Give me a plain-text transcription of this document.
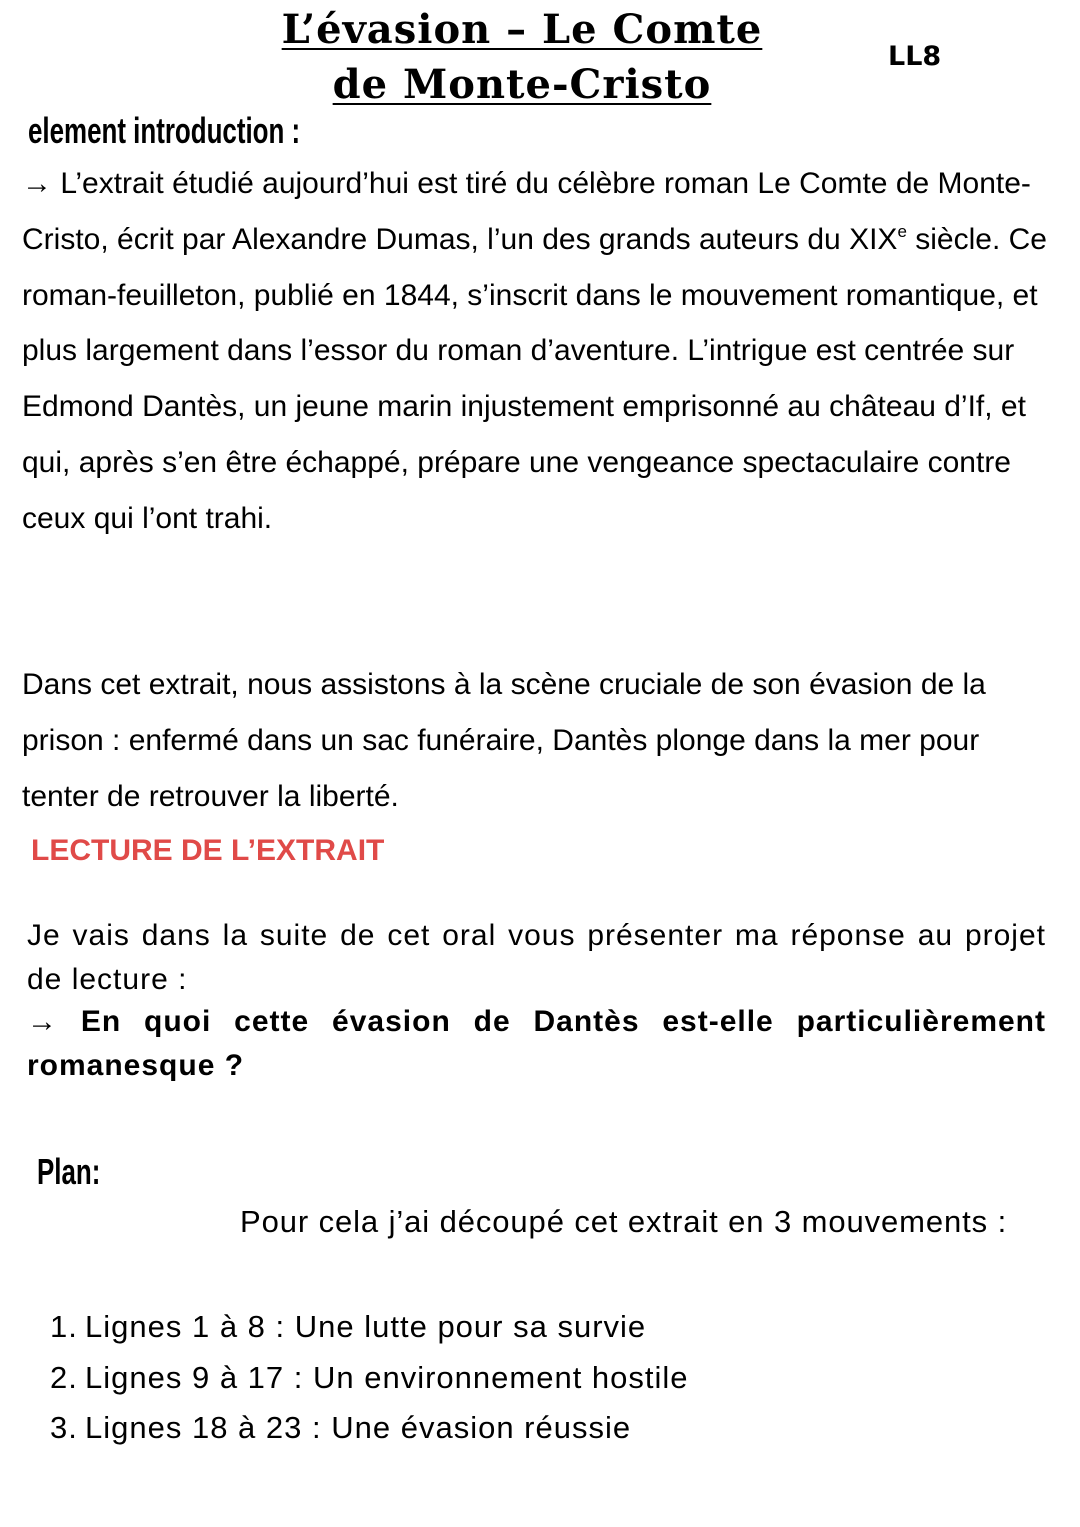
L’évasion – Le Comte
de Monte-Cristo
LL8
element introduction :

→ L’extrait étudié aujourd’hui est tiré du célèbre roman Le Comte de Monte-Cristo, écrit par Alexandre Dumas, l’un des grands auteurs du XIXe siècle. Ce roman-feuilleton, publié en 1844, s’inscrit dans le mouvement romantique, et plus largement dans l’essor du roman d’aventure. L’intrigue est centrée sur Edmond Dantès, un jeune marin injustement emprisonné au château d’If, et qui, après s’en être échappé, prépare une vengeance spectaculaire contre ceux qui l’ont trahi.

Dans cet extrait, nous assistons à la scène cruciale de son évasion de la prison : enfermé dans un sac funéraire, Dantès plonge dans la mer pour tenter de retrouver la liberté.

LECTURE DE L’EXTRAIT

Je vais dans la suite de cet oral vous présenter ma réponse au projet de lecture :

→ En quoi cette évasion de Dantès est-elle particulièrement romanesque ?

Plan:

Pour cela j’ai découpé cet extrait en 3 mouvements :

1. Lignes 1 à 8 : Une lutte pour sa survie
2. Lignes 9 à 17 : Un environnement hostile
3. Lignes 18 à 23 : Une évasion réussie
